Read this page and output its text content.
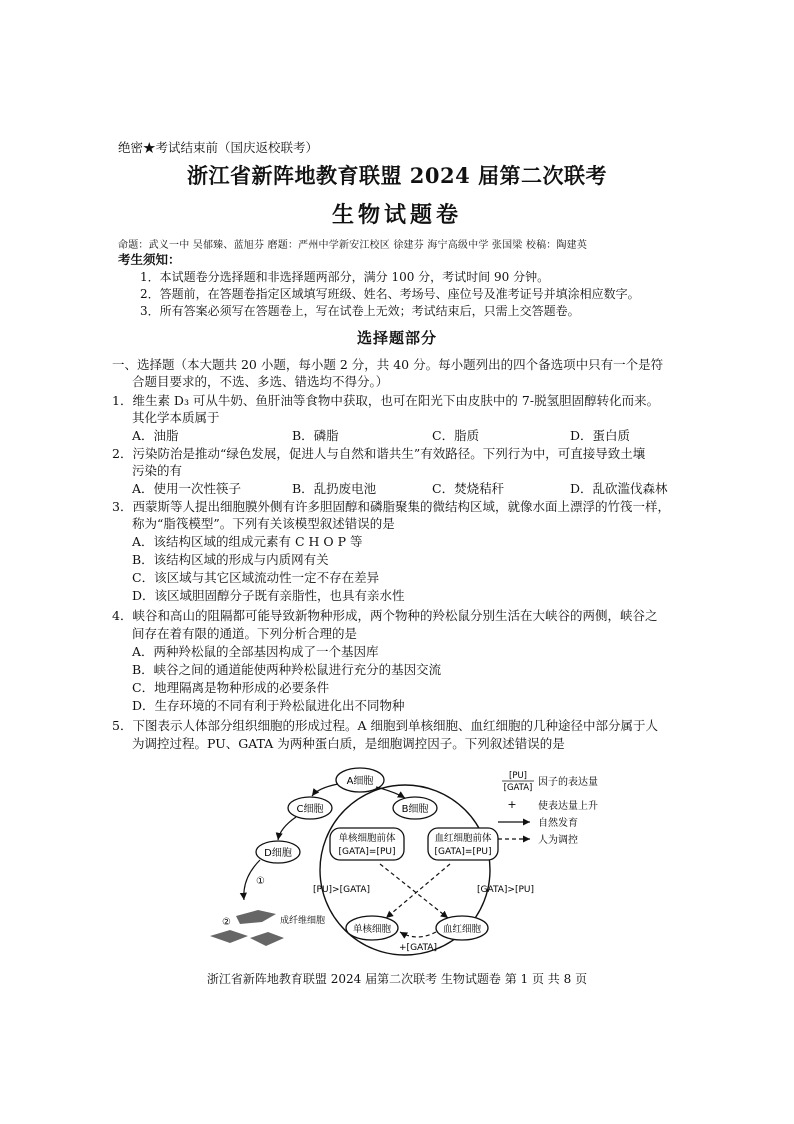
绝密★考试结束前（国庆返校联考）
浙江省新阵地教育联盟 2024 届第二次联考
生物试题卷
命题：武义一中 吴郁臻、蓝旭芬 磨题：严州中学新安江校区 徐建芬 海宁高级中学 张国梁 校稿：陶建英
考生须知：
1．本试题卷分选择题和非选择题两部分，满分 100 分，考试时间 90 分钟。
2．答题前，在答题卷指定区域填写班级、姓名、考场号、座位号及准考证号并填涂相应数字。
3．所有答案必须写在答题卷上，写在试卷上无效；考试结束后，只需上交答题卷。
选择题部分
一、选择题（本大题共 20 小题，每小题 2 分，共 40 分。每小题列出的四个备选项中只有一个是符
合题目要求的，不选、多选、错选均不得分。）
1．维生素 D₃ 可从牛奶、鱼肝油等食物中获取，也可在阳光下由皮肤中的 7-脱氢胆固醇转化而来。
其化学本质属于
A．油脂	B．磷脂	C．脂质	D．蛋白质
2．污染防治是推动“绿色发展，促进人与自然和谐共生”有效路径。下列行为中，可直接导致土壤
污染的有
A．使用一次性筷子	B．乱扔废电池	C．焚烧秸秆	D．乱砍滥伐森林
3．西蒙斯等人提出细胞膜外侧有许多胆固醇和磷脂聚集的微结构区域，就像水面上漂浮的竹筏一样，
称为“脂筏模型”。下列有关该模型叙述错误的是
A．该结构区域的组成元素有 C H O P 等
B．该结构区域的形成与内质网有关
C．该区域与其它区域流动性一定不存在差异
D．该区域胆固醇分子既有亲脂性，也具有亲水性
4．峡谷和高山的阻隔都可能导致新物种形成，两个物种的羚松鼠分别生活在大峡谷的两侧，峡谷之
间存在着有限的通道。下列分析合理的是
A．两种羚松鼠的全部基因构成了一个基因库
B．峡谷之间的通道能使两种羚松鼠进行充分的基因交流
C．地理隔离是物种形成的必要条件
D．生存环境的不同有利于羚松鼠进化出不同物种
5．下图表示人体部分组织细胞的形成过程。A 细胞到单核细胞、血红细胞的几种途径中部分属于人
为调控过程。PU、GATA 为两种蛋白质，是细胞调控因子。下列叙述错误的是
A细胞
B细胞
C细胞
D细胞
单核细胞前体
[GATA]=[PU]
血红细胞前体
[GATA]=[PU]
[PU]>[GATA]	[GATA]>[PU]
单核细胞	血红细胞
+[GATA]
①
②	成纤维细胞
[PU]
[GATA] 因子的表达量
+ 使表达量上升
自然发育
人为调控
浙江省新阵地教育联盟 2024 届第二次联考 生物试题卷 第 1 页 共 8 页
